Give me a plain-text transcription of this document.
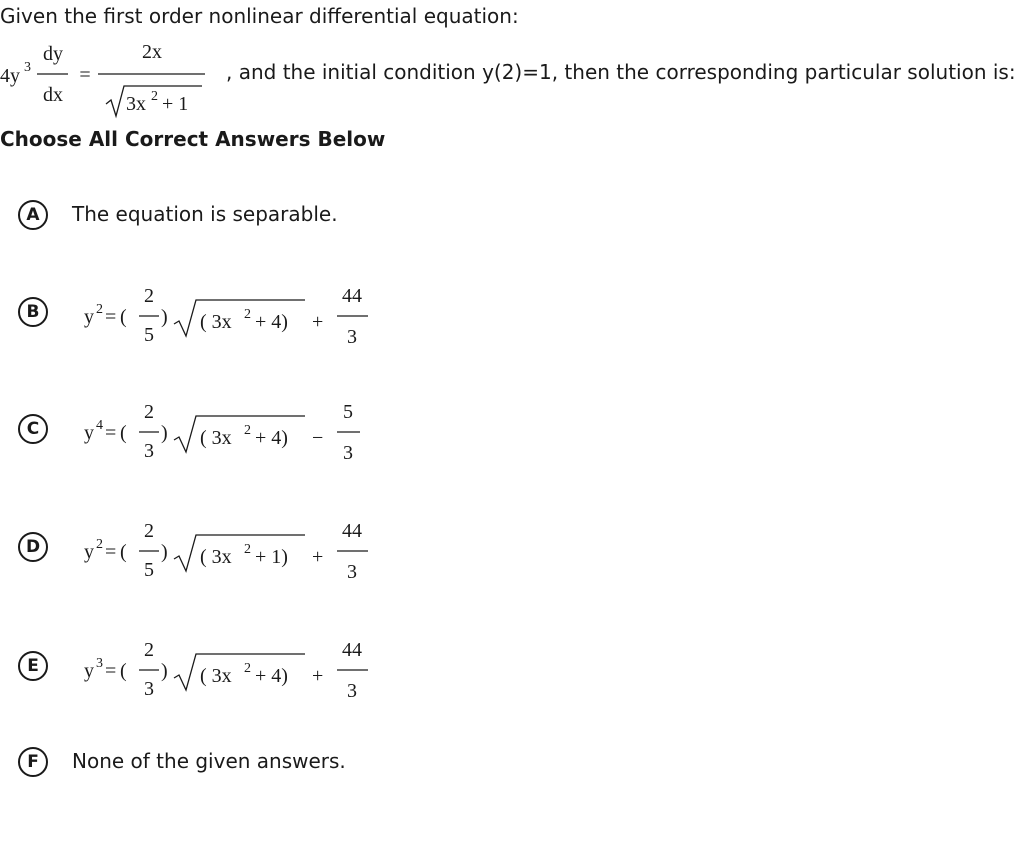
Given the first order nonlinear differential equation:
4y 3
dy
dx
=
2x
3x 2 + 1
, and the initial condition y(2)=1, then the corresponding particular solution is:
Choose All Correct Answers Below
A	The equation is separable.
B	y 2 = (
2
5
) ( 3x 2 + 4) +
44
3
C	y 4 = (
2
3
) ( 3x 2 + 4) −
5
3
D	y 2 = (
2
5
) ( 3x 2 + 1) +
44
3
E	y 3 = (
2
3
) ( 3x 2 + 4) +
44
3
F	None of the given answers.
